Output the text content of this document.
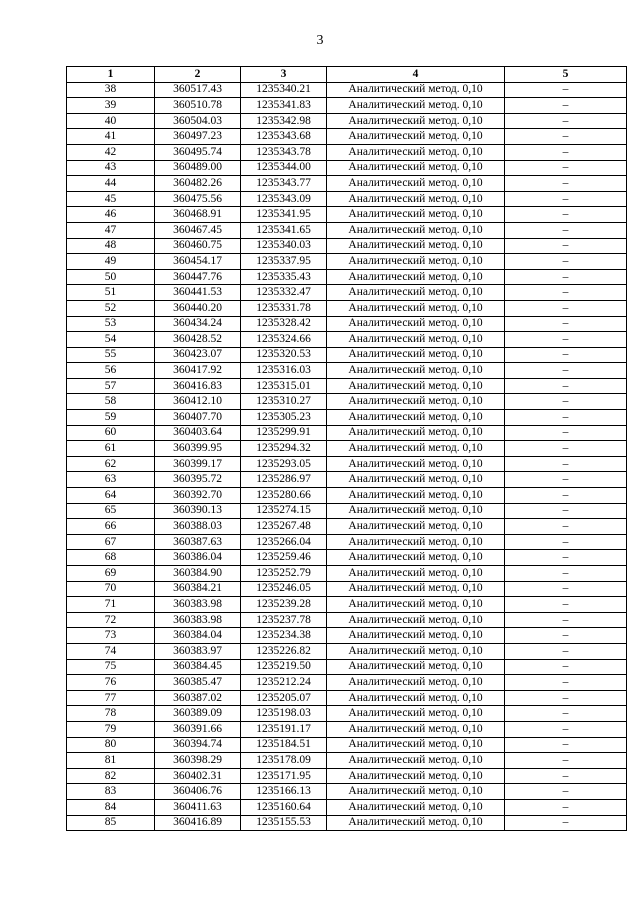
3
1	2	3	4	5
38	360517.43	1235340.21	Аналитический метод. 0,10	–
39	360510.78	1235341.83	Аналитический метод. 0,10	–
40	360504.03	1235342.98	Аналитический метод. 0,10	–
41	360497.23	1235343.68	Аналитический метод. 0,10	–
42	360495.74	1235343.78	Аналитический метод. 0,10	–
43	360489.00	1235344.00	Аналитический метод. 0,10	–
44	360482.26	1235343.77	Аналитический метод. 0,10	–
45	360475.56	1235343.09	Аналитический метод. 0,10	–
46	360468.91	1235341.95	Аналитический метод. 0,10	–
47	360467.45	1235341.65	Аналитический метод. 0,10	–
48	360460.75	1235340.03	Аналитический метод. 0,10	–
49	360454.17	1235337.95	Аналитический метод. 0,10	–
50	360447.76	1235335.43	Аналитический метод. 0,10	–
51	360441.53	1235332.47	Аналитический метод. 0,10	–
52	360440.20	1235331.78	Аналитический метод. 0,10	–
53	360434.24	1235328.42	Аналитический метод. 0,10	–
54	360428.52	1235324.66	Аналитический метод. 0,10	–
55	360423.07	1235320.53	Аналитический метод. 0,10	–
56	360417.92	1235316.03	Аналитический метод. 0,10	–
57	360416.83	1235315.01	Аналитический метод. 0,10	–
58	360412.10	1235310.27	Аналитический метод. 0,10	–
59	360407.70	1235305.23	Аналитический метод. 0,10	–
60	360403.64	1235299.91	Аналитический метод. 0,10	–
61	360399.95	1235294.32	Аналитический метод. 0,10	–
62	360399.17	1235293.05	Аналитический метод. 0,10	–
63	360395.72	1235286.97	Аналитический метод. 0,10	–
64	360392.70	1235280.66	Аналитический метод. 0,10	–
65	360390.13	1235274.15	Аналитический метод. 0,10	–
66	360388.03	1235267.48	Аналитический метод. 0,10	–
67	360387.63	1235266.04	Аналитический метод. 0,10	–
68	360386.04	1235259.46	Аналитический метод. 0,10	–
69	360384.90	1235252.79	Аналитический метод. 0,10	–
70	360384.21	1235246.05	Аналитический метод. 0,10	–
71	360383.98	1235239.28	Аналитический метод. 0,10	–
72	360383.98	1235237.78	Аналитический метод. 0,10	–
73	360384.04	1235234.38	Аналитический метод. 0,10	–
74	360383.97	1235226.82	Аналитический метод. 0,10	–
75	360384.45	1235219.50	Аналитический метод. 0,10	–
76	360385.47	1235212.24	Аналитический метод. 0,10	–
77	360387.02	1235205.07	Аналитический метод. 0,10	–
78	360389.09	1235198.03	Аналитический метод. 0,10	–
79	360391.66	1235191.17	Аналитический метод. 0,10	–
80	360394.74	1235184.51	Аналитический метод. 0,10	–
81	360398.29	1235178.09	Аналитический метод. 0,10	–
82	360402.31	1235171.95	Аналитический метод. 0,10	–
83	360406.76	1235166.13	Аналитический метод. 0,10	–
84	360411.63	1235160.64	Аналитический метод. 0,10	–
85	360416.89	1235155.53	Аналитический метод. 0,10	–
